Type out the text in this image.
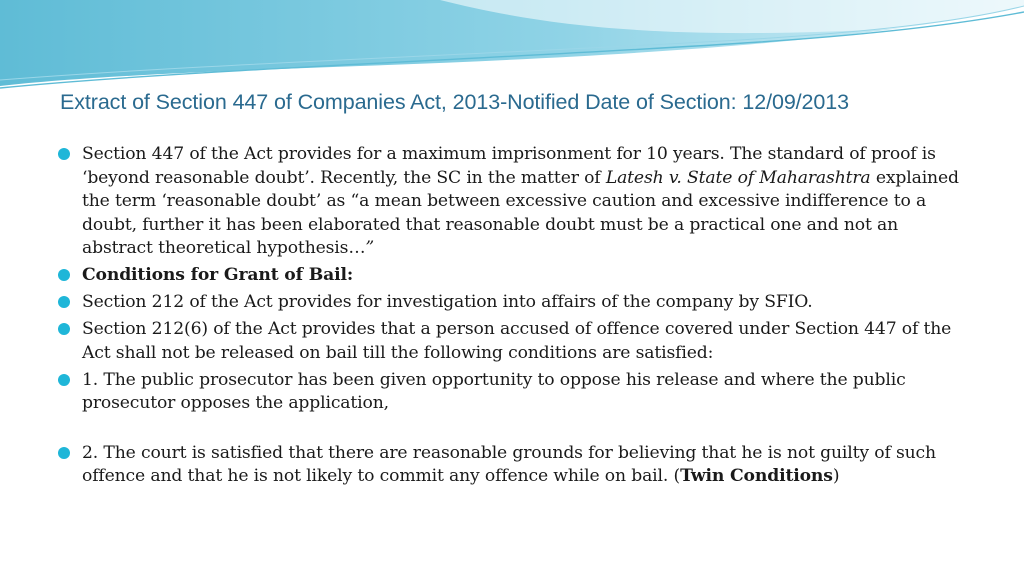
Extract of Section 447 of Companies Act, 2013-Notified Date of Section: 12/09/2013
Section 447 of the Act provides for a maximum imprisonment for 10 years. The standard of proof is ‘beyond reasonable doubt’. Recently, the SC in the matter of Latesh v. State of Maharashtra explained the term ‘reasonable doubt’ as “a mean between excessive caution and excessive indifference to a doubt, further it has been elaborated that reasonable doubt must be a practical one and not an abstract theoretical hypothesis…”
Conditions for Grant of Bail:
Section 212 of the Act provides for investigation into affairs of the company by SFIO.
Section 212(6) of the Act provides that a person accused of offence covered under Section 447 of the Act shall not be released on bail till the following conditions are satisfied:
1. The public prosecutor has been given opportunity to oppose his release and where the public prosecutor opposes the application,
2. The court is satisfied that there are reasonable grounds for believing that he is not guilty of such offence and that he is not likely to commit any offence while on bail. (Twin Conditions)
